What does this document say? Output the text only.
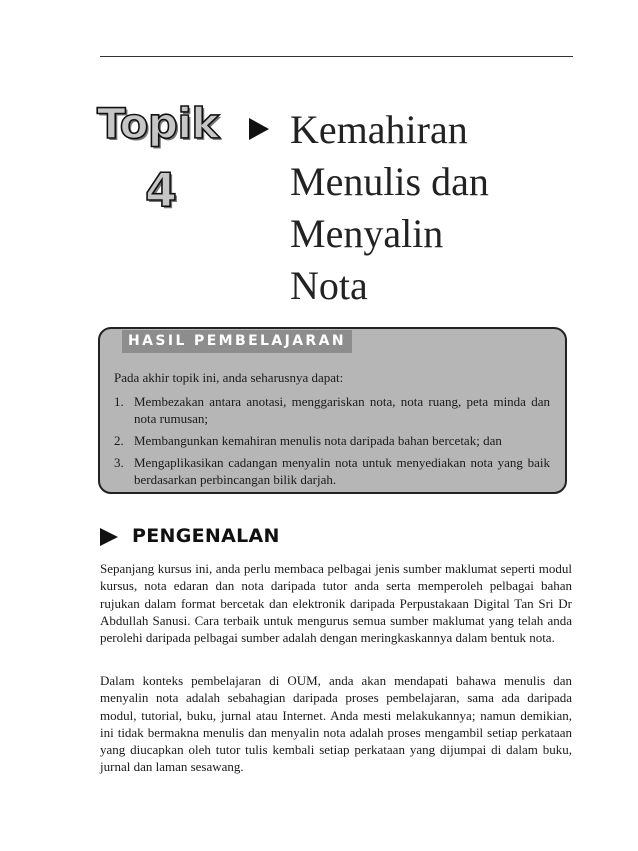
Topik
4
Kemahiran
Menulis dan
Menyalin
Nota
HASIL PEMBELAJARAN
Pada akhir topik ini, anda seharusnya dapat:
1. Membezakan antara anotasi, menggariskan nota, nota ruang, peta minda dan nota rumusan;
2. Membangunkan kemahiran menulis nota daripada bahan bercetak; dan
3. Mengaplikasikan cadangan menyalin nota untuk menyediakan nota yang baik berdasarkan perbincangan bilik darjah.
PENGENALAN

Sepanjang kursus ini, anda perlu membaca pelbagai jenis sumber maklumat seperti modul kursus, nota edaran dan nota daripada tutor anda serta memperoleh pelbagai bahan rujukan dalam format bercetak dan elektronik daripada Perpustakaan Digital Tan Sri Dr Abdullah Sanusi. Cara terbaik untuk mengurus semua sumber maklumat yang telah anda perolehi daripada pelbagai sumber adalah dengan meringkaskannya dalam bentuk nota.

Dalam konteks pembelajaran di OUM, anda akan mendapati bahawa menulis dan menyalin nota adalah sebahagian daripada proses pembelajaran, sama ada daripada modul, tutorial, buku, jurnal atau Internet. Anda mesti melakukannya; namun demikian, ini tidak bermakna menulis dan menyalin nota adalah proses mengambil setiap perkataan yang diucapkan oleh tutor tulis kembali setiap perkataan yang dijumpai di dalam buku, jurnal dan laman sesawang.
